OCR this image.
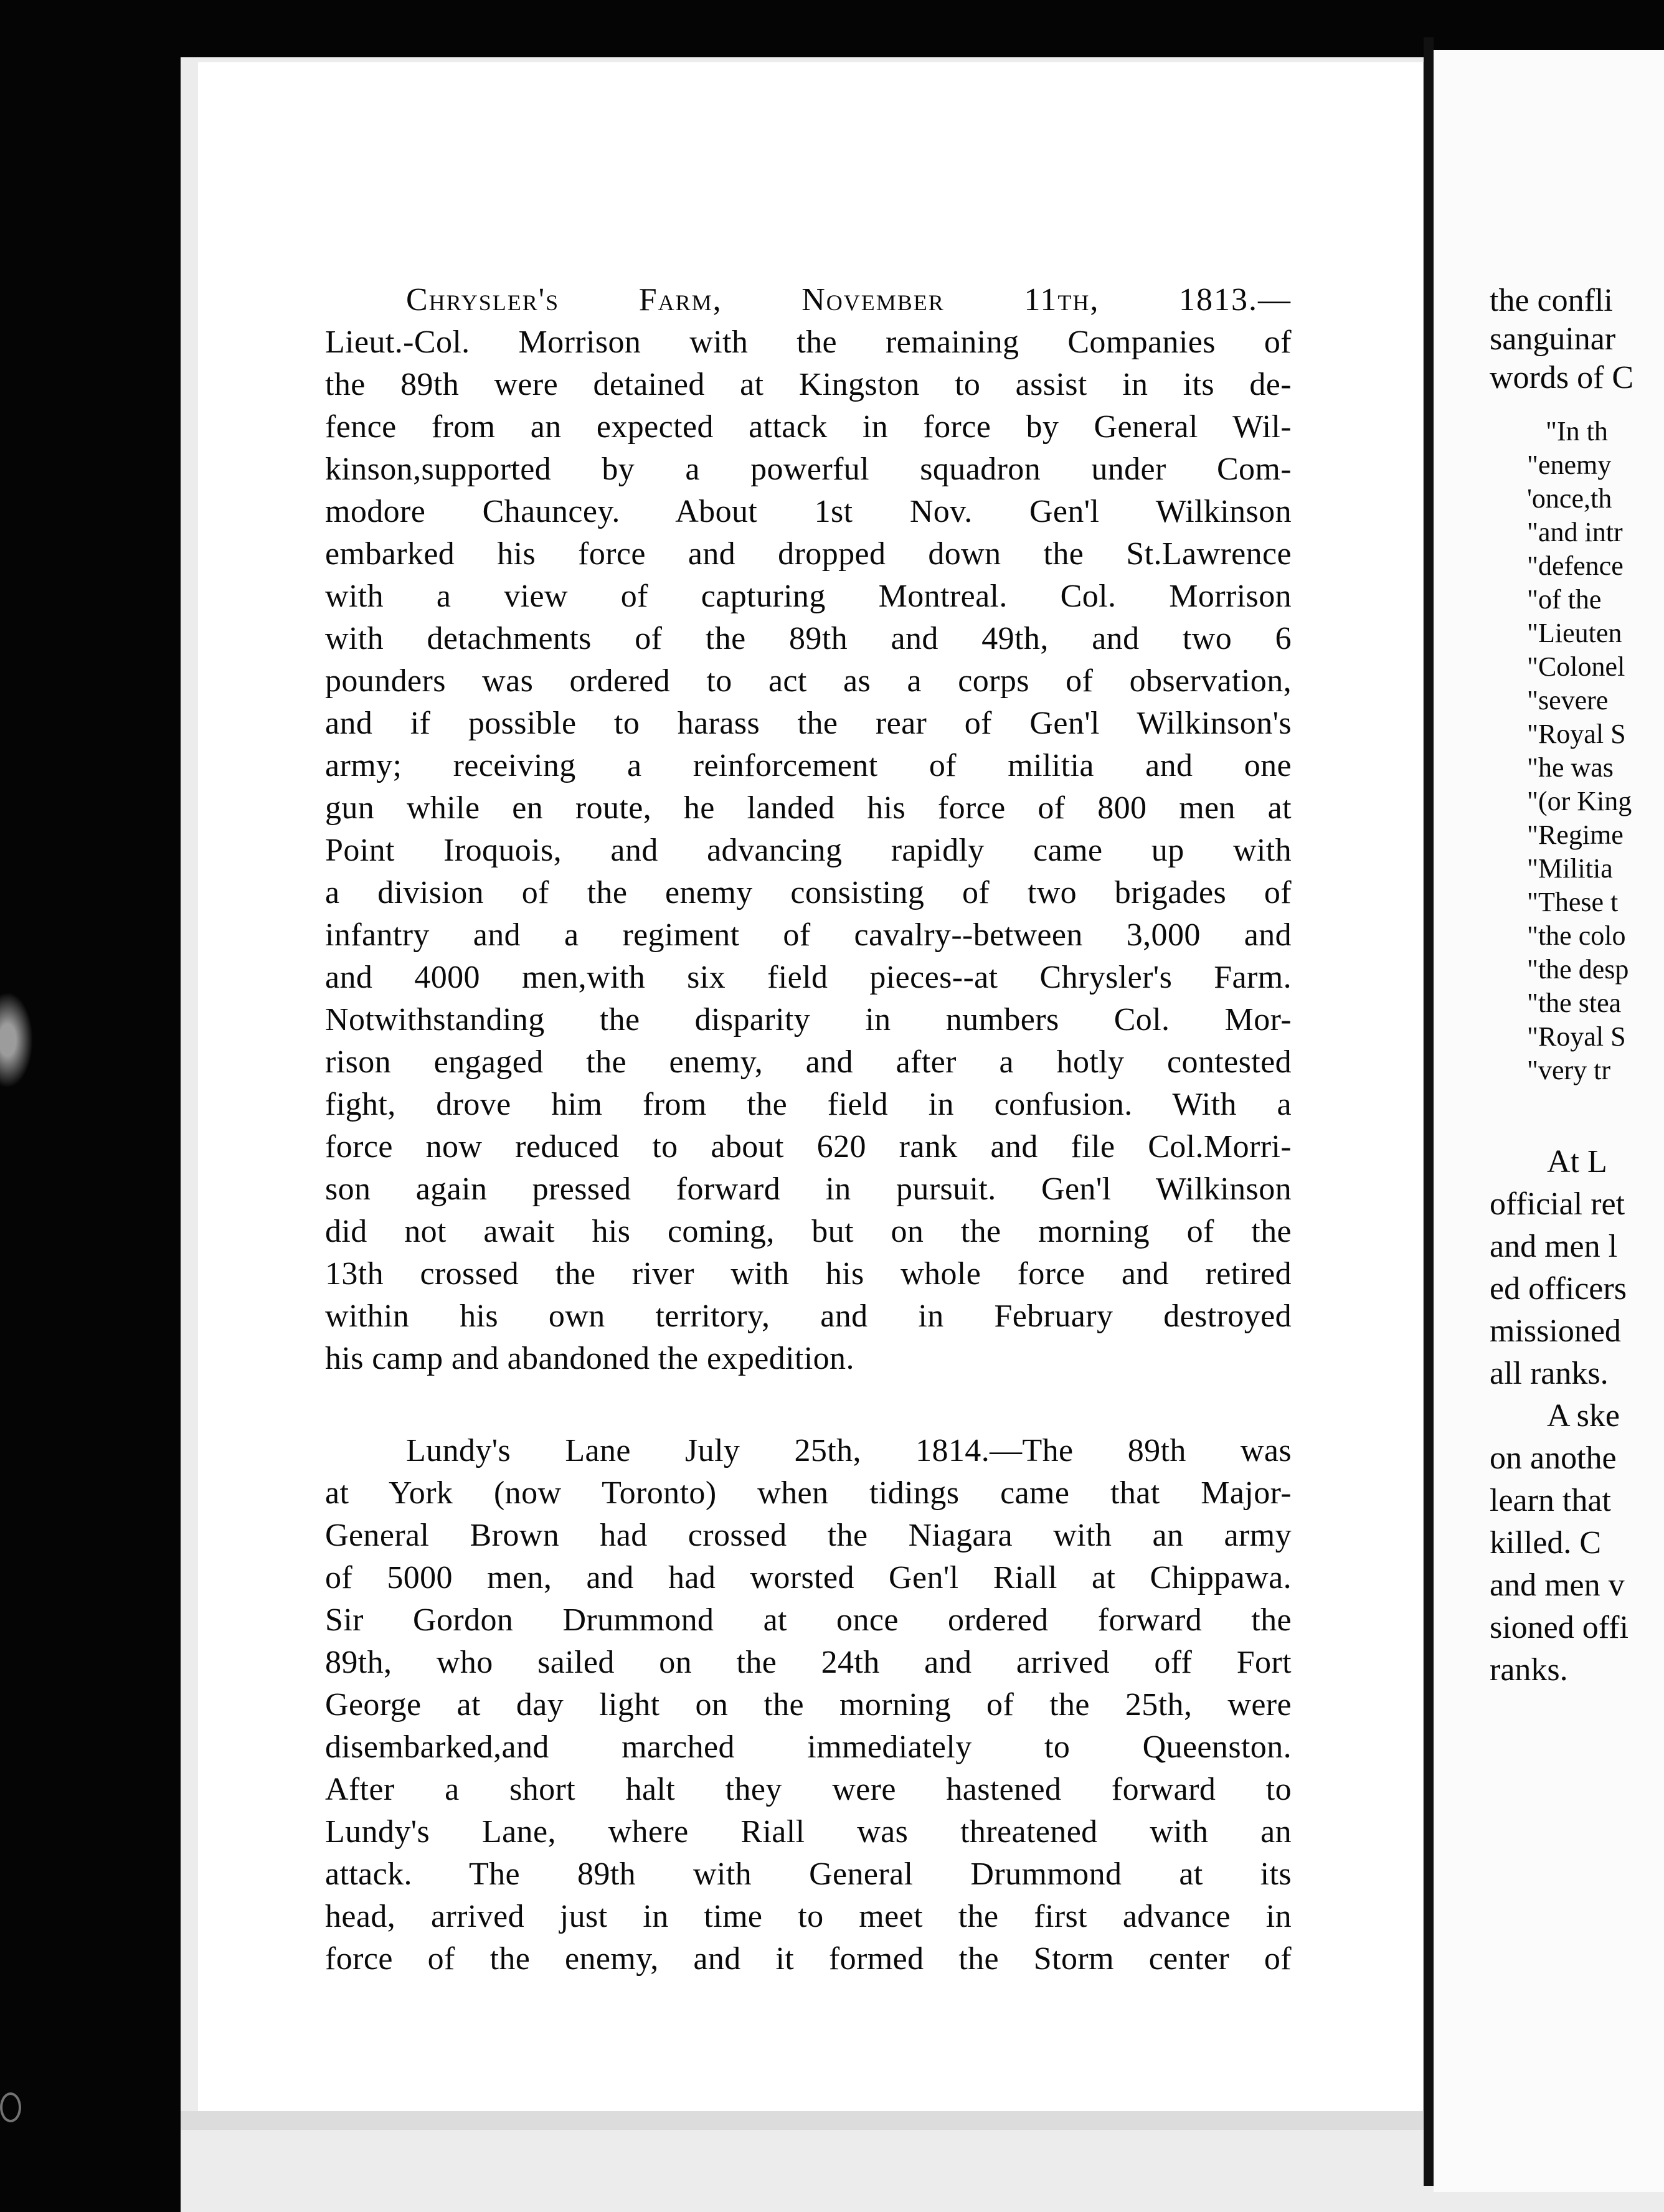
Chrysler's Farm, November 11th, 1813.—
Lieut.-Col. Morrison with the remaining Companies of
the 89th were detained at Kingston to assist in its de-
fence from an expected attack in force by General Wil-
kinson,supported by a powerful squadron under Com-
modore Chauncey. About 1st Nov. Gen'l Wilkinson
embarked his force and dropped down the St.Lawrence
with a view of capturing Montreal. Col. Morrison
with detachments of the 89th and 49th, and two 6
pounders was ordered to act as a corps of observation,
and if possible to harass the rear of Gen'l Wilkinson's
army; receiving a reinforcement of militia and one
gun while en route, he landed his force of 800 men at
Point Iroquois, and advancing rapidly came up with
a division of the enemy consisting of two brigades of
infantry and a regiment of cavalry--between 3,000 and
and 4000 men,with six field pieces--at Chrysler's Farm.
Notwithstanding the disparity in numbers Col. Mor-
rison engaged the enemy, and after a hotly contested
fight, drove him from the field in confusion. With a
force now reduced to about 620 rank and file Col.Morri-
son again pressed forward in pursuit. Gen'l Wilkinson
did not await his coming, but on the morning of the
13th crossed the river with his whole force and retired
within his own territory, and in February destroyed
his camp and abandoned the expedition.
Lundy's Lane July 25th, 1814.—The 89th was
at York (now Toronto) when tidings came that Major-
General Brown had crossed the Niagara with an army
of 5000 men, and had worsted Gen'l Riall at Chippawa.
Sir Gordon Drummond at once ordered forward the
89th, who sailed on the 24th and arrived off Fort
George at day light on the morning of the 25th, were
disembarked,and marched immediately to Queenston.
After a short halt they were hastened forward to
Lundy's Lane, where Riall was threatened with an
attack. The 89th with General Drummond at its
head, arrived just in time to meet the first advance in
force of the enemy, and it formed the Storm center of
the confli
sanguinar
words of C
"In th
"enemy
'once,th
"and intr
"defence
"of the
"Lieuten
"Colonel
"severe
"Royal S
"he was
"(or King
"Regime
"Militia
"These t
"the colo
"the desp
"the stea
"Royal S
"very tr
At L
official ret
and men l
ed officers
missioned
all ranks.
A ske
on anothe
learn that
killed. C
and men v
sioned offi
ranks.
